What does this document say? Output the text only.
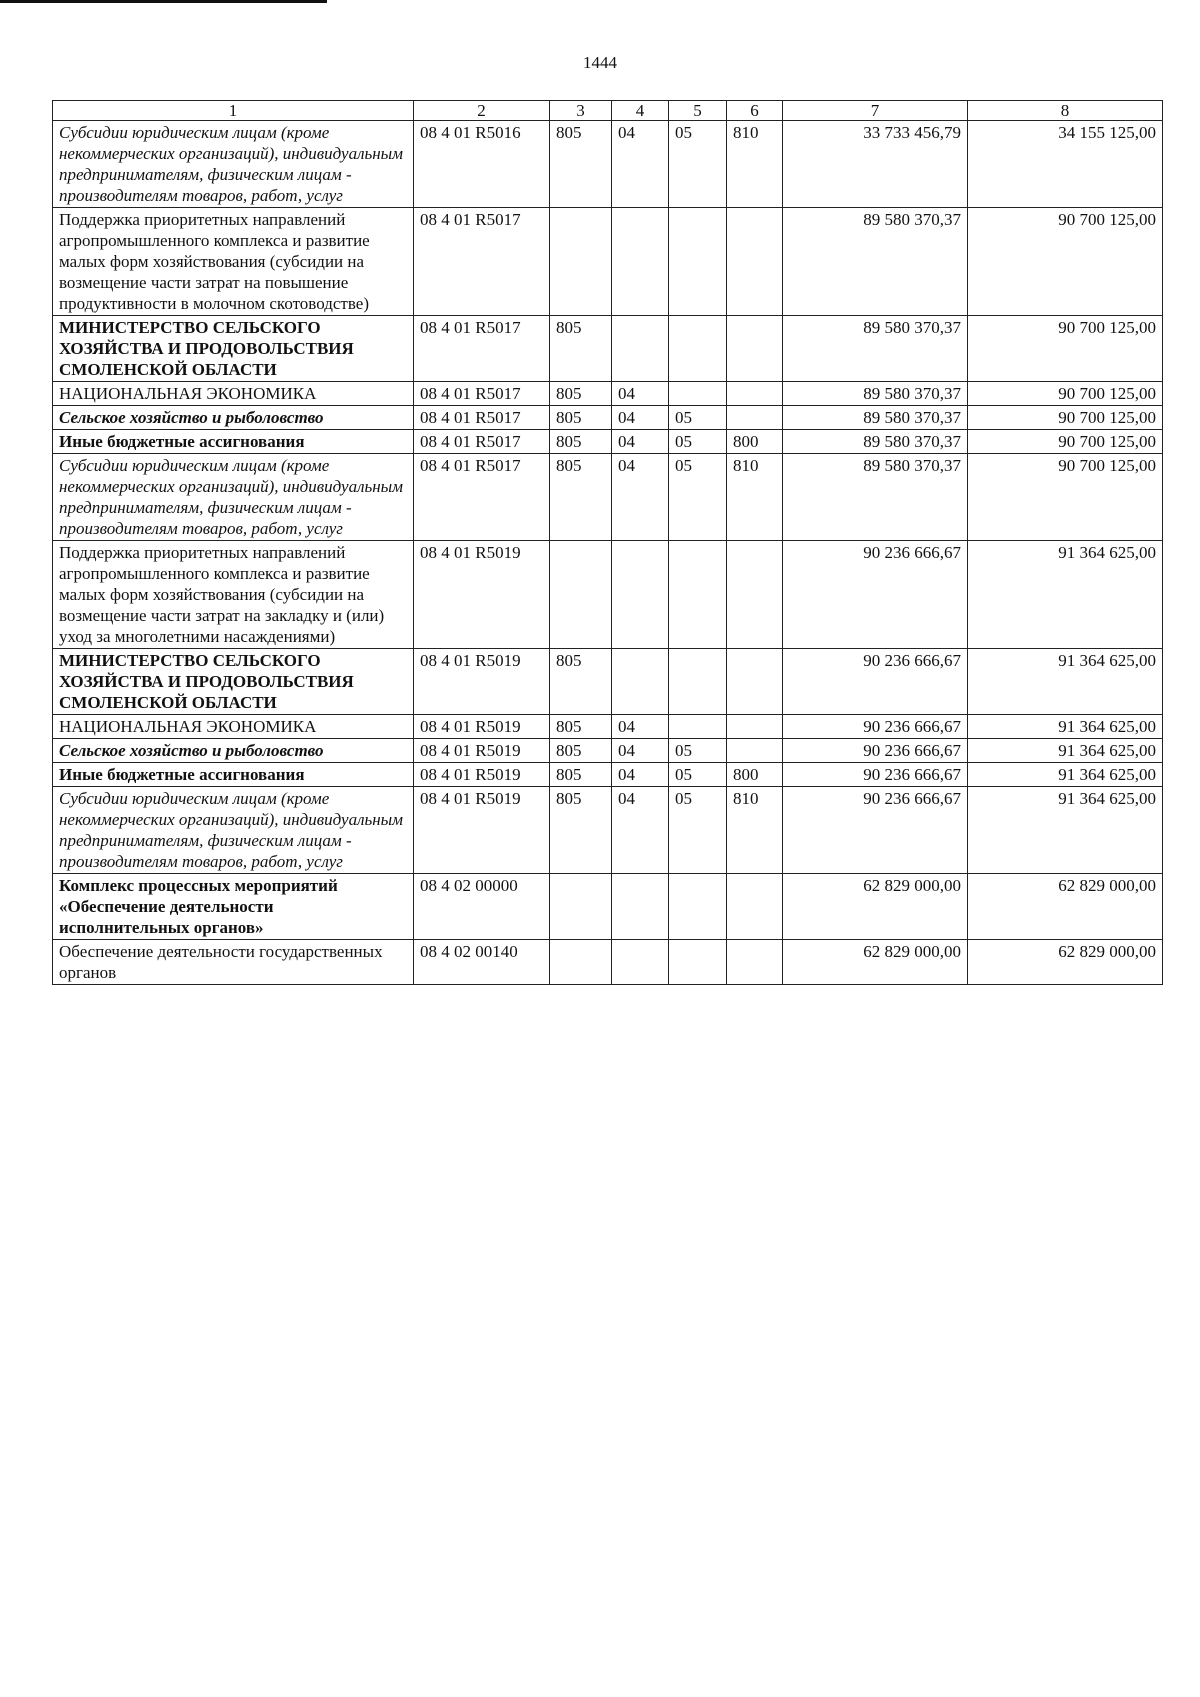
1444
1	2	3	4	5	6	7	8
Субсидии юридическим лицам (кроме некоммерческих организаций), индивидуальным предпринимателям, физическим лицам - производителям товаров, работ, услуг	08 4 01 R5016	805	04	05	810	33 733 456,79	34 155 125,00
Поддержка приоритетных направлений агропромышленного комплекса и развитие малых форм хозяйствования (субсидии на возмещение части затрат на повышение продуктивности в молочном скотоводстве)	08 4 01 R5017					89 580 370,37	90 700 125,00
МИНИСТЕРСТВО СЕЛЬСКОГО ХОЗЯЙСТВА И ПРОДОВОЛЬСТВИЯ СМОЛЕНСКОЙ ОБЛАСТИ	08 4 01 R5017	805				89 580 370,37	90 700 125,00
НАЦИОНАЛЬНАЯ ЭКОНОМИКА	08 4 01 R5017	805	04			89 580 370,37	90 700 125,00
Сельское хозяйство и рыболовство	08 4 01 R5017	805	04	05		89 580 370,37	90 700 125,00
Иные бюджетные ассигнования	08 4 01 R5017	805	04	05	800	89 580 370,37	90 700 125,00
Субсидии юридическим лицам (кроме некоммерческих организаций), индивидуальным предпринимателям, физическим лицам - производителям товаров, работ, услуг	08 4 01 R5017	805	04	05	810	89 580 370,37	90 700 125,00
Поддержка приоритетных направлений агропромышленного комплекса и развитие малых форм хозяйствования (субсидии на возмещение части затрат на закладку и (или) уход за многолетними насаждениями)	08 4 01 R5019					90 236 666,67	91 364 625,00
МИНИСТЕРСТВО СЕЛЬСКОГО ХОЗЯЙСТВА И ПРОДОВОЛЬСТВИЯ СМОЛЕНСКОЙ ОБЛАСТИ	08 4 01 R5019	805				90 236 666,67	91 364 625,00
НАЦИОНАЛЬНАЯ ЭКОНОМИКА	08 4 01 R5019	805	04			90 236 666,67	91 364 625,00
Сельское хозяйство и рыболовство	08 4 01 R5019	805	04	05		90 236 666,67	91 364 625,00
Иные бюджетные ассигнования	08 4 01 R5019	805	04	05	800	90 236 666,67	91 364 625,00
Субсидии юридическим лицам (кроме некоммерческих организаций), индивидуальным предпринимателям, физическим лицам - производителям товаров, работ, услуг	08 4 01 R5019	805	04	05	810	90 236 666,67	91 364 625,00
Комплекс процессных мероприятий «Обеспечение деятельности исполнительных органов»	08 4 02 00000					62 829 000,00	62 829 000,00
Обеспечение деятельности государственных органов	08 4 02 00140					62 829 000,00	62 829 000,00
